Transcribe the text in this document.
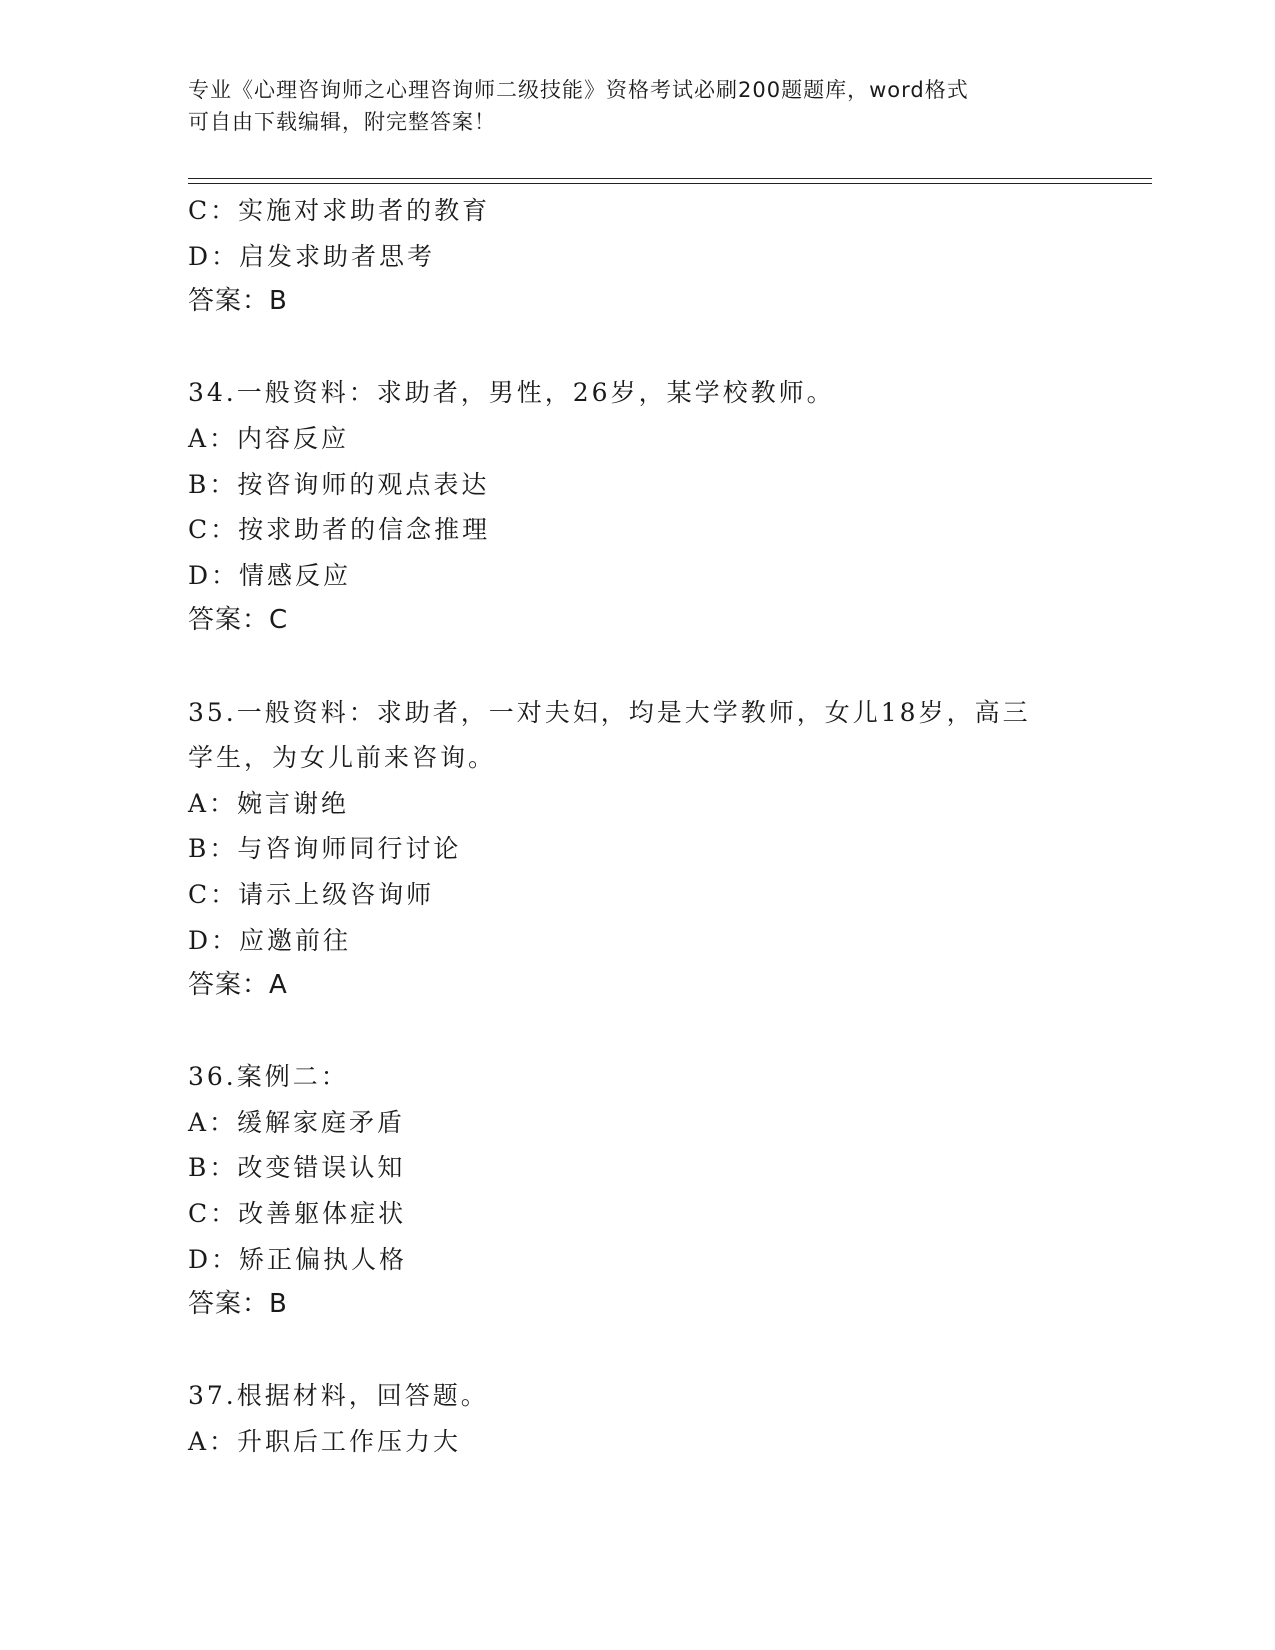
专业《心理咨询师之心理咨询师二级技能》资格考试必刷200题题库，word格式
可自由下载编辑，附完整答案！
C：实施对求助者的教育
D：启发求助者思考
答案：B
34.一般资料：求助者，男性，26岁，某学校教师。
A：内容反应
B：按咨询师的观点表达
C：按求助者的信念推理
D：情感反应
答案：C
35.一般资料：求助者，一对夫妇，均是大学教师，女儿18岁，高三
学生，为女儿前来咨询。
A：婉言谢绝
B：与咨询师同行讨论
C：请示上级咨询师
D：应邀前往
答案：A
36.案例二：
A：缓解家庭矛盾
B：改变错误认知
C：改善躯体症状
D：矫正偏执人格
答案：B
37.根据材料，回答题。
A：升职后工作压力大
